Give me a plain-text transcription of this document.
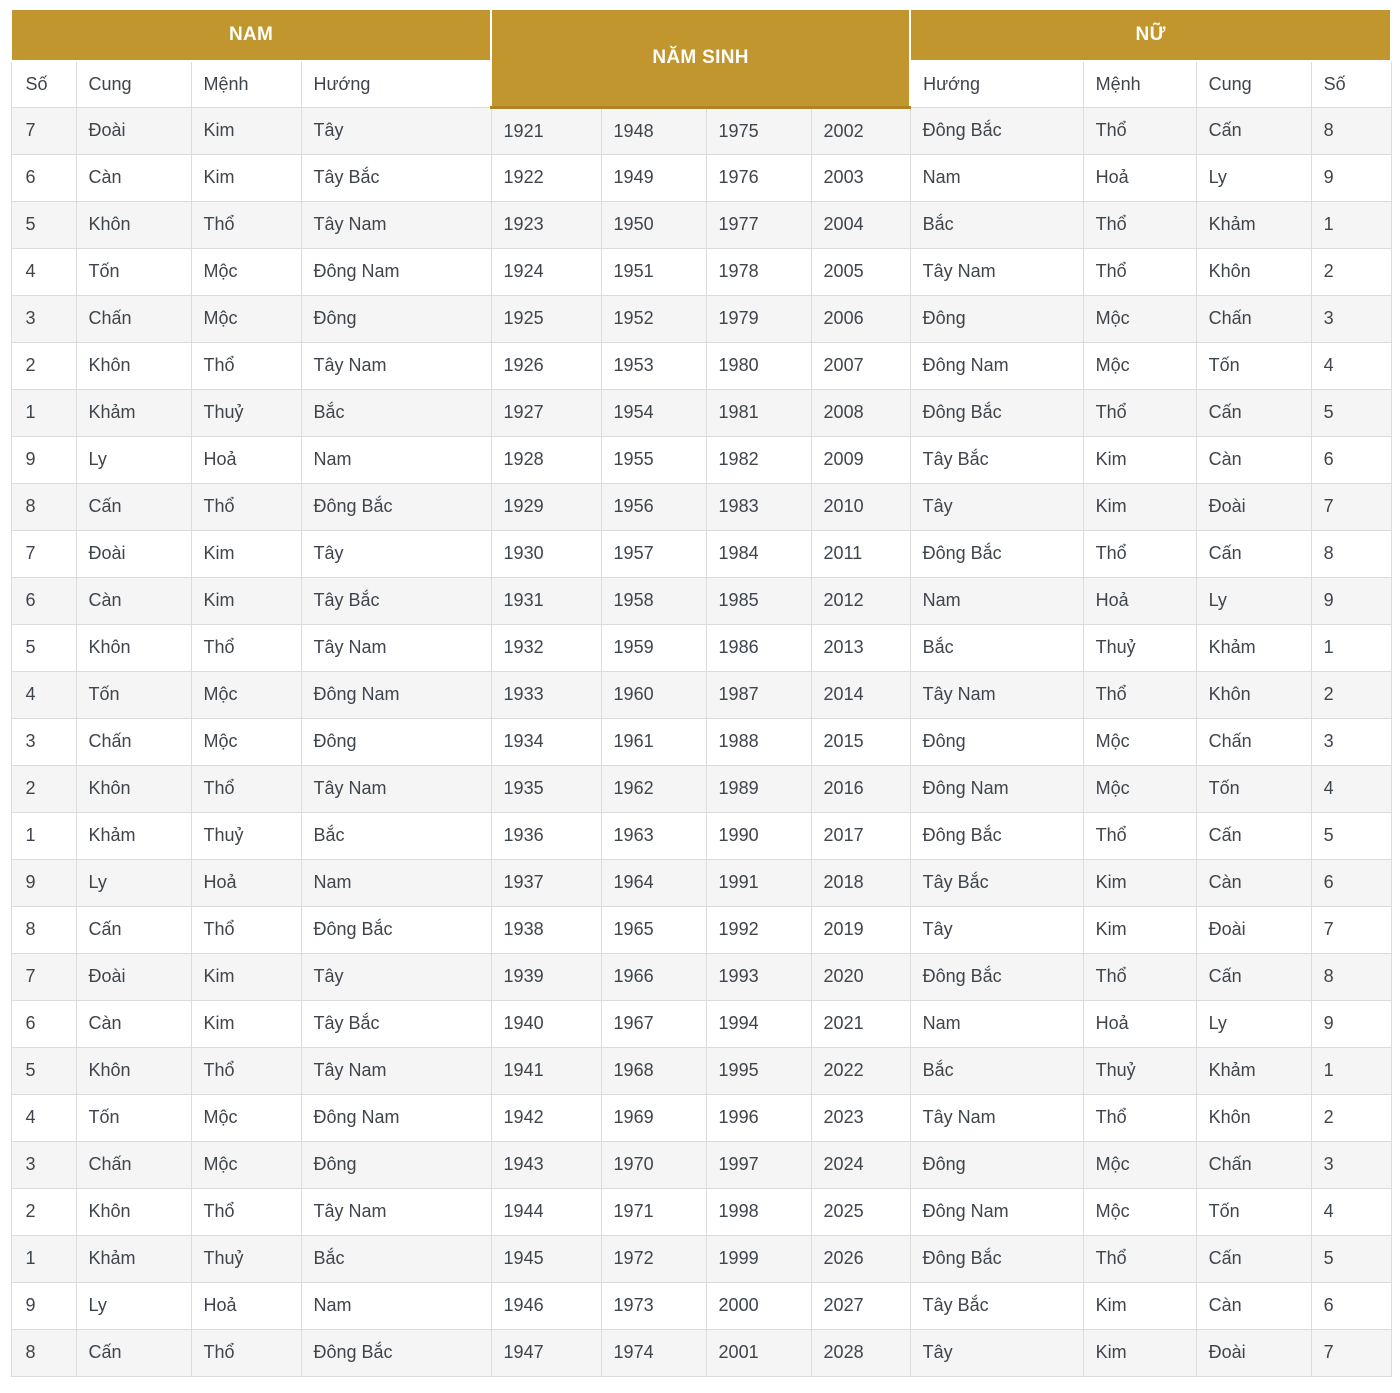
NAM				NĂM SINH				NỮ			
Số	Cung	Mệnh	Hướng					Hướng	Mệnh	Cung	Số
7	Đoài	Kim	Tây	1921	1948	1975	2002	Đông Bắc	Thổ	Cấn	8
6	Càn	Kim	Tây Bắc	1922	1949	1976	2003	Nam	Hoả	Ly	9
5	Khôn	Thổ	Tây Nam	1923	1950	1977	2004	Bắc	Thổ	Khảm	1
4	Tốn	Mộc	Đông Nam	1924	1951	1978	2005	Tây Nam	Thổ	Khôn	2
3	Chấn	Mộc	Đông	1925	1952	1979	2006	Đông	Mộc	Chấn	3
2	Khôn	Thổ	Tây Nam	1926	1953	1980	2007	Đông Nam	Mộc	Tốn	4
1	Khảm	Thuỷ	Bắc	1927	1954	1981	2008	Đông Bắc	Thổ	Cấn	5
9	Ly	Hoả	Nam	1928	1955	1982	2009	Tây Bắc	Kim	Càn	6
8	Cấn	Thổ	Đông Bắc	1929	1956	1983	2010	Tây	Kim	Đoài	7
7	Đoài	Kim	Tây	1930	1957	1984	2011	Đông Bắc	Thổ	Cấn	8
6	Càn	Kim	Tây Bắc	1931	1958	1985	2012	Nam	Hoả	Ly	9
5	Khôn	Thổ	Tây Nam	1932	1959	1986	2013	Bắc	Thuỷ	Khảm	1
4	Tốn	Mộc	Đông Nam	1933	1960	1987	2014	Tây Nam	Thổ	Khôn	2
3	Chấn	Mộc	Đông	1934	1961	1988	2015	Đông	Mộc	Chấn	3
2	Khôn	Thổ	Tây Nam	1935	1962	1989	2016	Đông Nam	Mộc	Tốn	4
1	Khảm	Thuỷ	Bắc	1936	1963	1990	2017	Đông Bắc	Thổ	Cấn	5
9	Ly	Hoả	Nam	1937	1964	1991	2018	Tây Bắc	Kim	Càn	6
8	Cấn	Thổ	Đông Bắc	1938	1965	1992	2019	Tây	Kim	Đoài	7
7	Đoài	Kim	Tây	1939	1966	1993	2020	Đông Bắc	Thổ	Cấn	8
6	Càn	Kim	Tây Bắc	1940	1967	1994	2021	Nam	Hoả	Ly	9
5	Khôn	Thổ	Tây Nam	1941	1968	1995	2022	Bắc	Thuỷ	Khảm	1
4	Tốn	Mộc	Đông Nam	1942	1969	1996	2023	Tây Nam	Thổ	Khôn	2
3	Chấn	Mộc	Đông	1943	1970	1997	2024	Đông	Mộc	Chấn	3
2	Khôn	Thổ	Tây Nam	1944	1971	1998	2025	Đông Nam	Mộc	Tốn	4
1	Khảm	Thuỷ	Bắc	1945	1972	1999	2026	Đông Bắc	Thổ	Cấn	5
9	Ly	Hoả	Nam	1946	1973	2000	2027	Tây Bắc	Kim	Càn	6
8	Cấn	Thổ	Đông Bắc	1947	1974	2001	2028	Tây	Kim	Đoài	7
